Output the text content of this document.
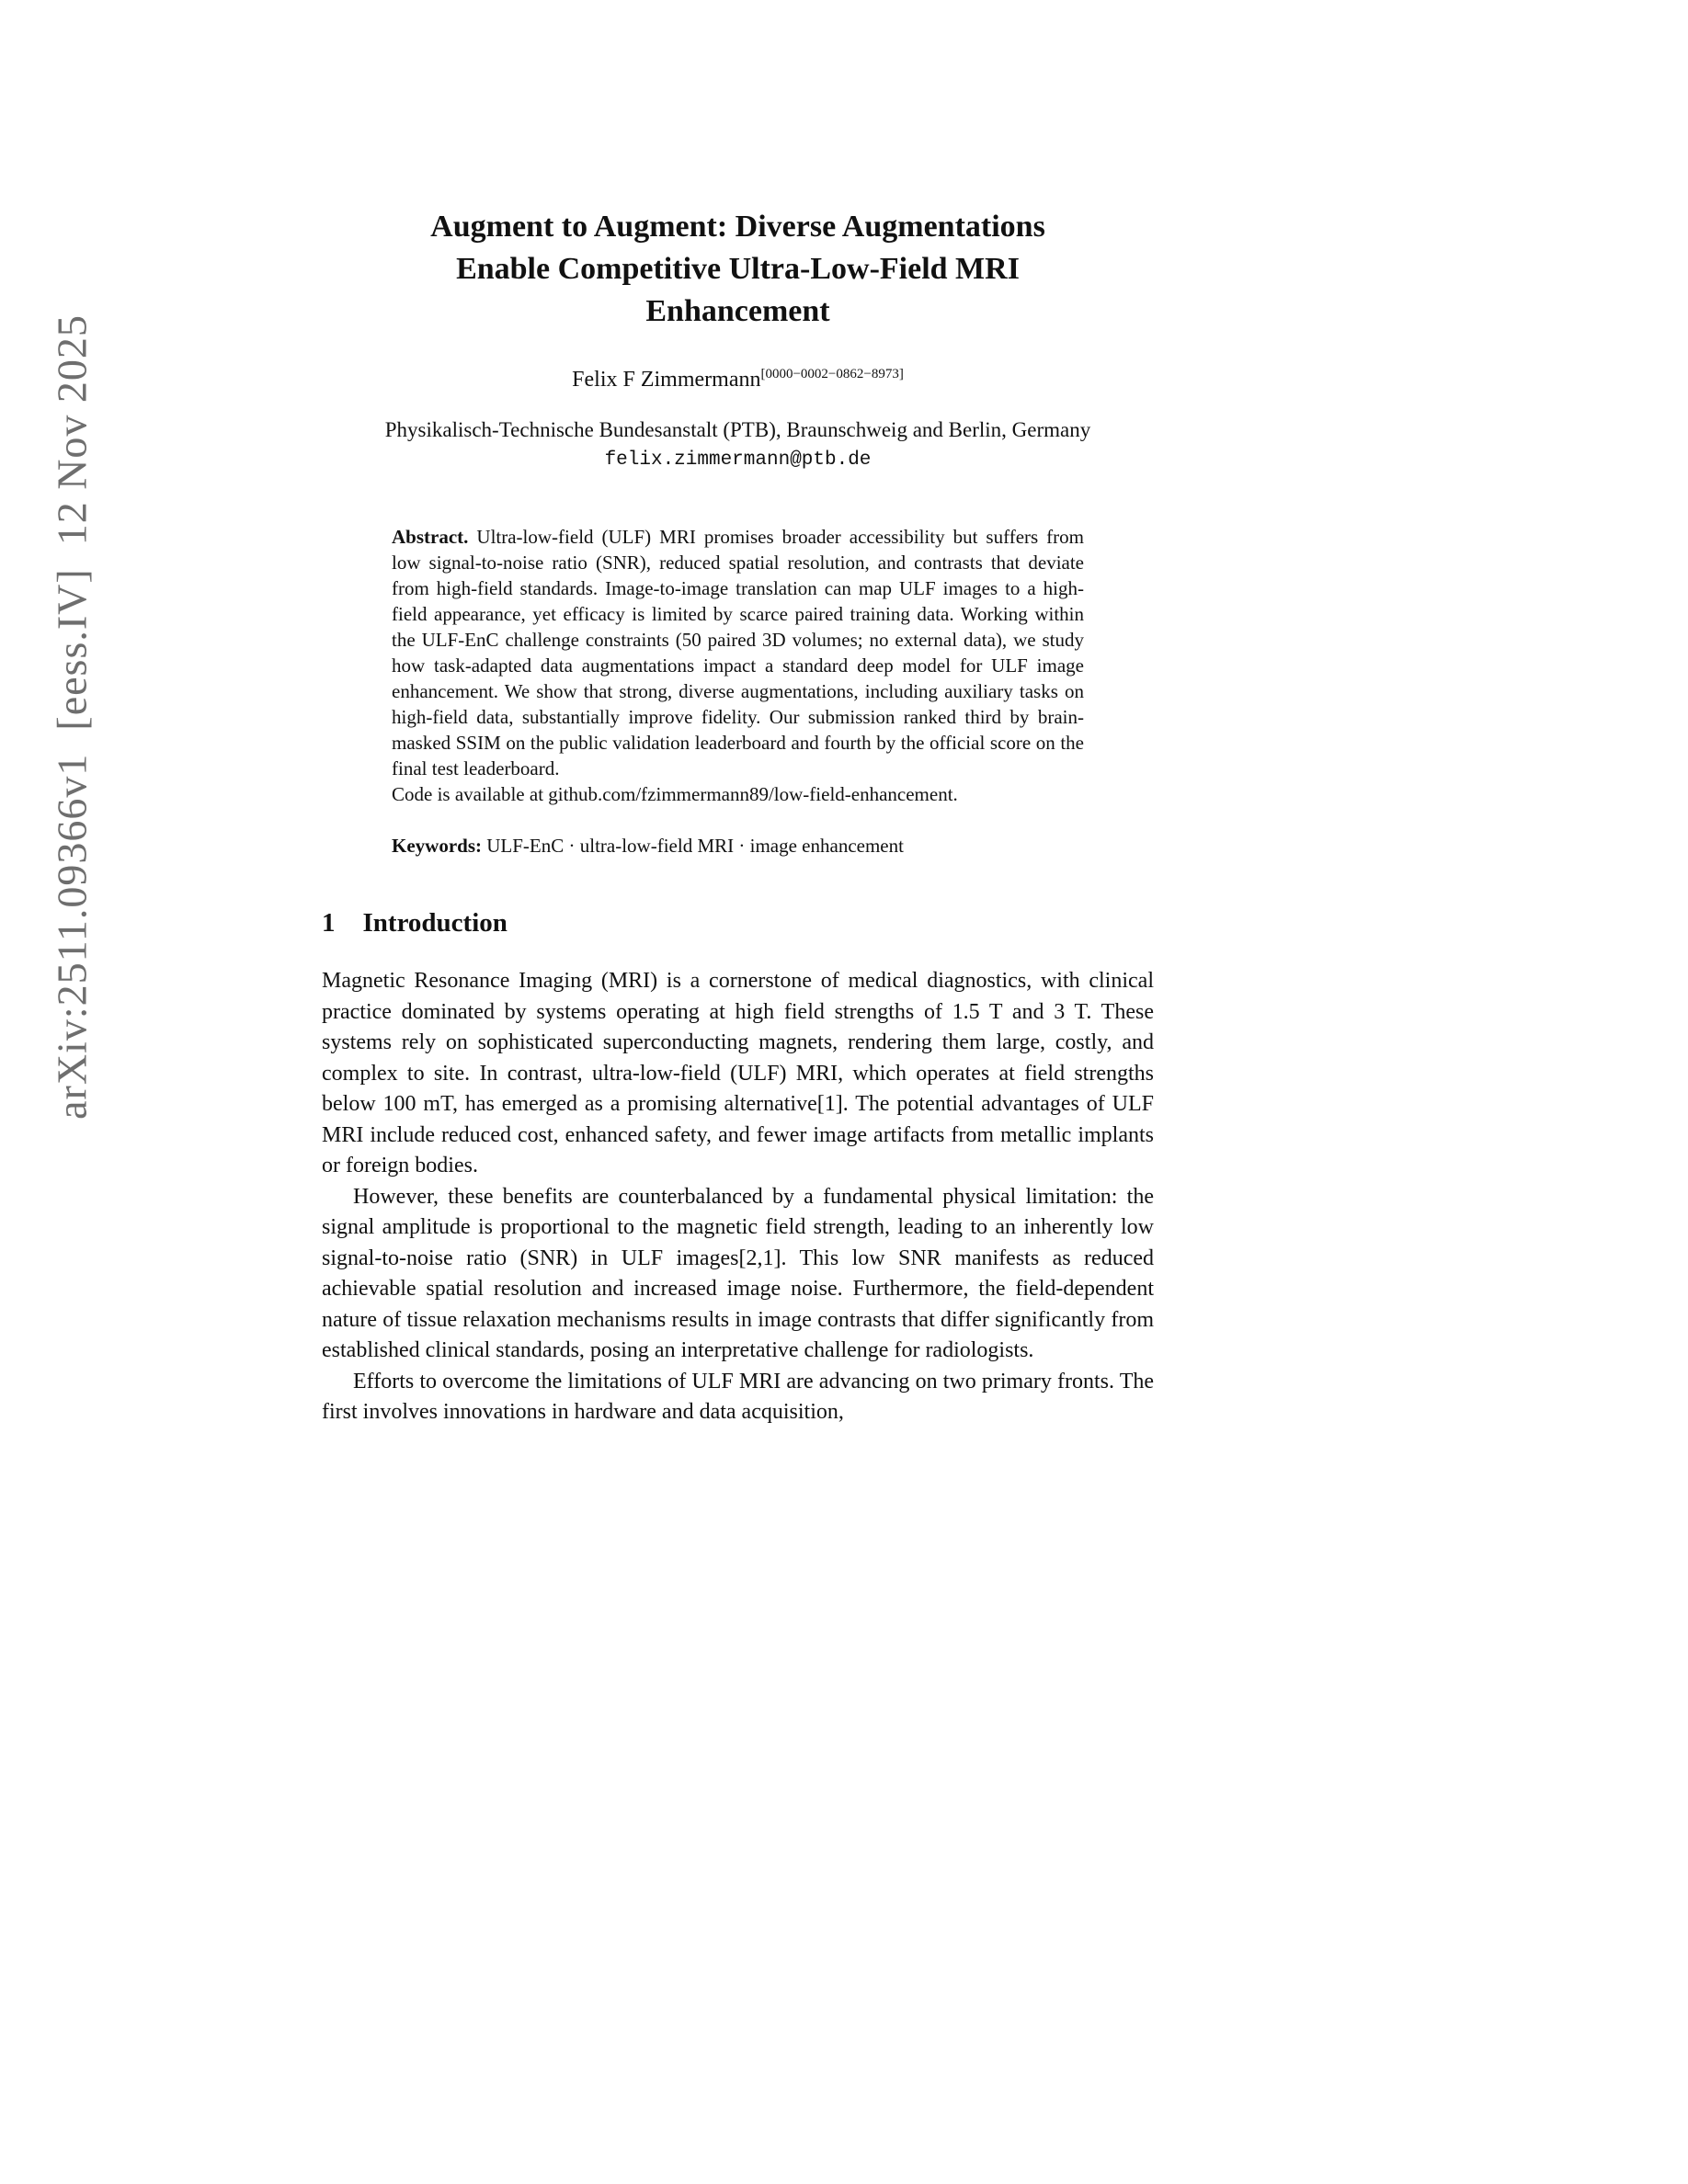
arXiv:2511.09366v1  [eess.IV]  12 Nov 2025
Augment to Augment: Diverse Augmentations
Enable Competitive Ultra-Low-Field MRI
Enhancement
Felix F Zimmermann[0000−0002−0862−8973]
Physikalisch-Technische Bundesanstalt (PTB), Braunschweig and Berlin, Germany
felix.zimmermann@ptb.de

Abstract. Ultra-low-field (ULF) MRI promises broader accessibility but suffers from low signal-to-noise ratio (SNR), reduced spatial resolution, and contrasts that deviate from high-field standards. Image-to-image translation can map ULF images to a high-field appearance, yet efficacy is limited by scarce paired training data. Working within the ULF-EnC challenge constraints (50 paired 3D volumes; no external data), we study how task-adapted data augmentations impact a standard deep model for ULF image enhancement. We show that strong, diverse augmentations, including auxiliary tasks on high-field data, substantially improve fidelity. Our submission ranked third by brain-masked SSIM on the public validation leaderboard and fourth by the official score on the final test leaderboard.

Code is available at github.com/fzimmermann89/low-field-enhancement.

Keywords: ULF-EnC · ultra-low-field MRI · image enhancement

1 Introduction

Magnetic Resonance Imaging (MRI) is a cornerstone of medical diagnostics, with clinical practice dominated by systems operating at high field strengths of 1.5 T and 3 T. These systems rely on sophisticated superconducting magnets, rendering them large, costly, and complex to site. In contrast, ultra-low-field (ULF) MRI, which operates at field strengths below 100 mT, has emerged as a promising alternative[1]. The potential advantages of ULF MRI include reduced cost, enhanced safety, and fewer image artifacts from metallic implants or foreign bodies.

However, these benefits are counterbalanced by a fundamental physical limitation: the signal amplitude is proportional to the magnetic field strength, leading to an inherently low signal-to-noise ratio (SNR) in ULF images[2,1]. This low SNR manifests as reduced achievable spatial resolution and increased image noise. Furthermore, the field-dependent nature of tissue relaxation mechanisms results in image contrasts that differ significantly from established clinical standards, posing an interpretative challenge for radiologists.

Efforts to overcome the limitations of ULF MRI are advancing on two primary fronts. The first involves innovations in hardware and data acquisition,
